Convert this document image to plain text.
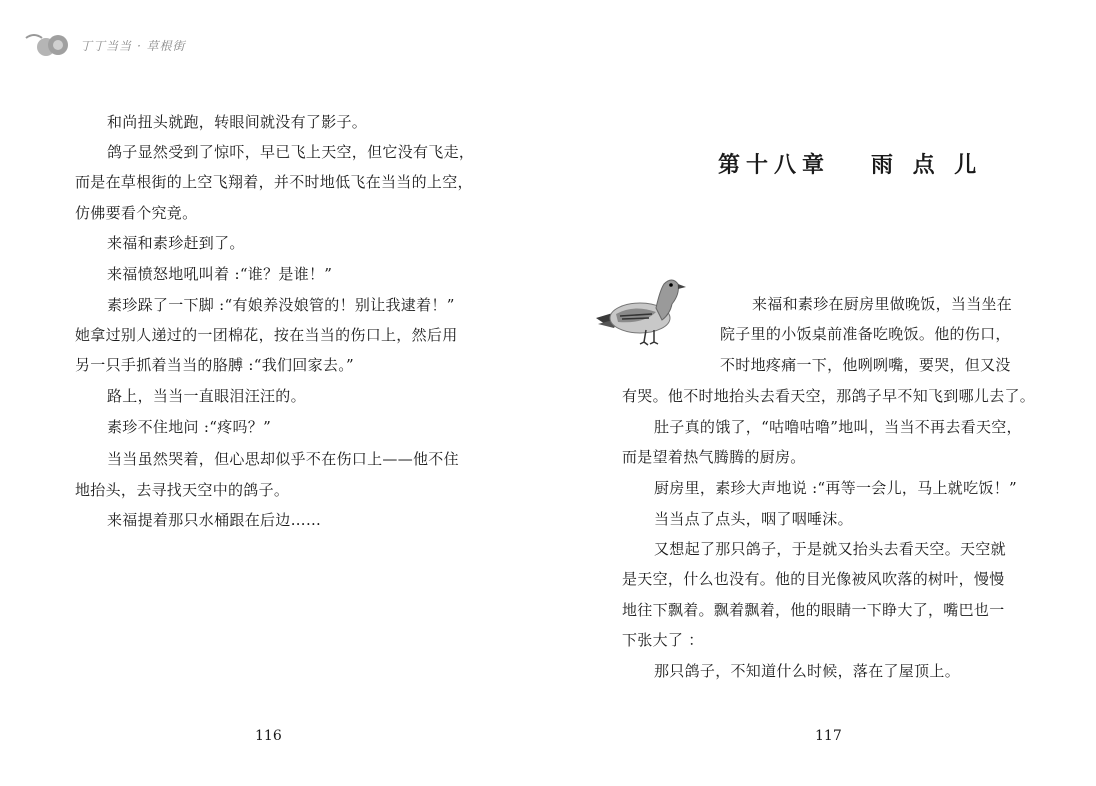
丁丁当当 · 草根街
和尚扭头就跑，转眼间就没有了影子。
鸽子显然受到了惊吓，早已飞上天空，但它没有飞走，
而是在草根街的上空飞翔着，并不时地低飞在当当的上空，
仿佛要看个究竟。
来福和素珍赶到了。
来福愤怒地吼叫着 :“谁？是谁！”
素珍跺了一下脚 :“有娘养没娘管的！别让我逮着！”
她拿过别人递过的一团棉花，按在当当的伤口上，然后用
另一只手抓着当当的胳膊 :“我们回家去。”
路上，当当一直眼泪汪汪的。
素珍不住地问 :“疼吗？”
当当虽然哭着，但心思却似乎不在伤口上——他不住
地抬头，去寻找天空中的鸽子。
来福提着那只水桶跟在后边……
116
第十八章   雨 点 儿
来福和素珍在厨房里做晚饭，当当坐在
院子里的小饭桌前准备吃晚饭。他的伤口，
不时地疼痛一下，他咧咧嘴，要哭，但又没
有哭。他不时地抬头去看天空，那鸽子早不知飞到哪儿去了。
肚子真的饿了，“咕噜咕噜”地叫，当当不再去看天空，
而是望着热气腾腾的厨房。
厨房里，素珍大声地说 :“再等一会儿，马上就吃饭！”
当当点了点头，咽了咽唾沫。
又想起了那只鸽子，于是就又抬头去看天空。天空就
是天空，什么也没有。他的目光像被风吹落的树叶，慢慢
地往下飘着。飘着飘着，他的眼睛一下睁大了，嘴巴也一
下张大了 ：
那只鸽子，不知道什么时候，落在了屋顶上。
117
